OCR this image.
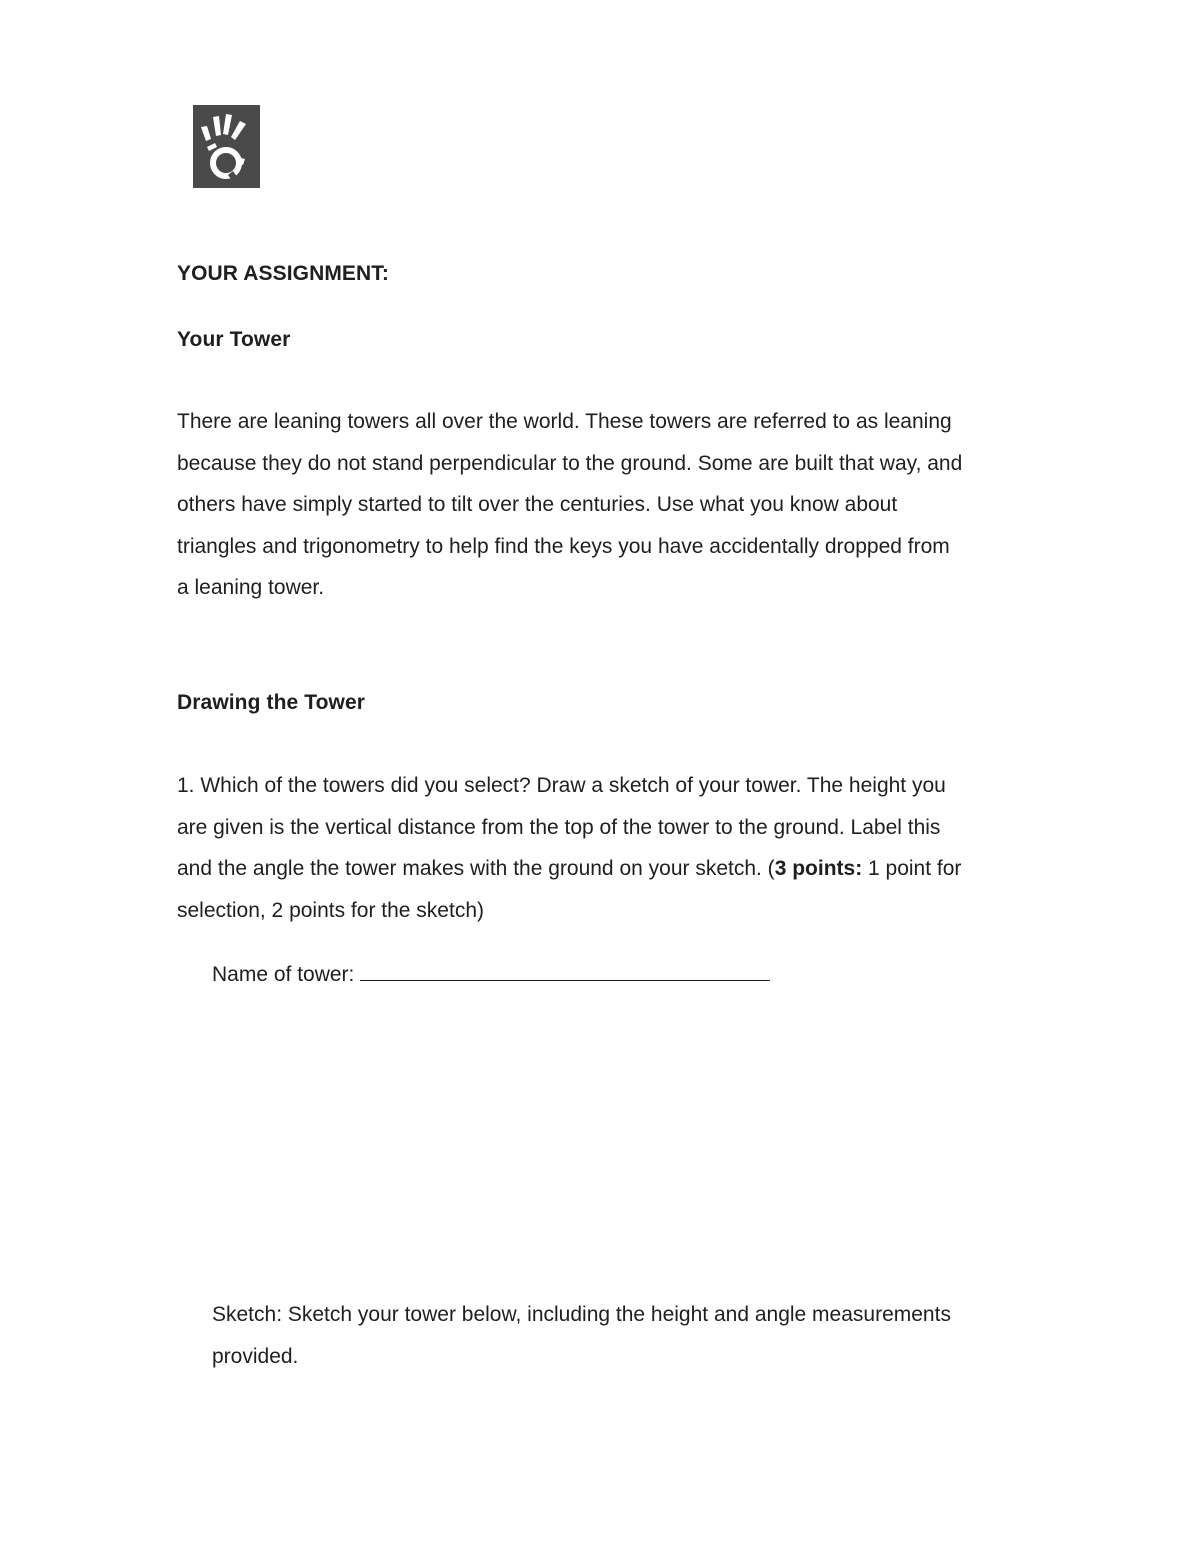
YOUR ASSIGNMENT:
Your Tower
There are leaning towers all over the world. These towers are referred to as leaning
because they do not stand perpendicular to the ground. Some are built that way, and
others have simply started to tilt over the centuries. Use what you know about
triangles and trigonometry to help find the keys you have accidentally dropped from
a leaning tower.
Drawing the Tower
1. Which of the towers did you select? Draw a sketch of your tower. The height you
are given is the vertical distance from the top of the tower to the ground. Label this
and the angle the tower makes with the ground on your sketch. (3 points: 1 point for
selection, 2 points for the sketch)
Name of tower:
Sketch: Sketch your tower below, including the height and angle measurements
provided.
